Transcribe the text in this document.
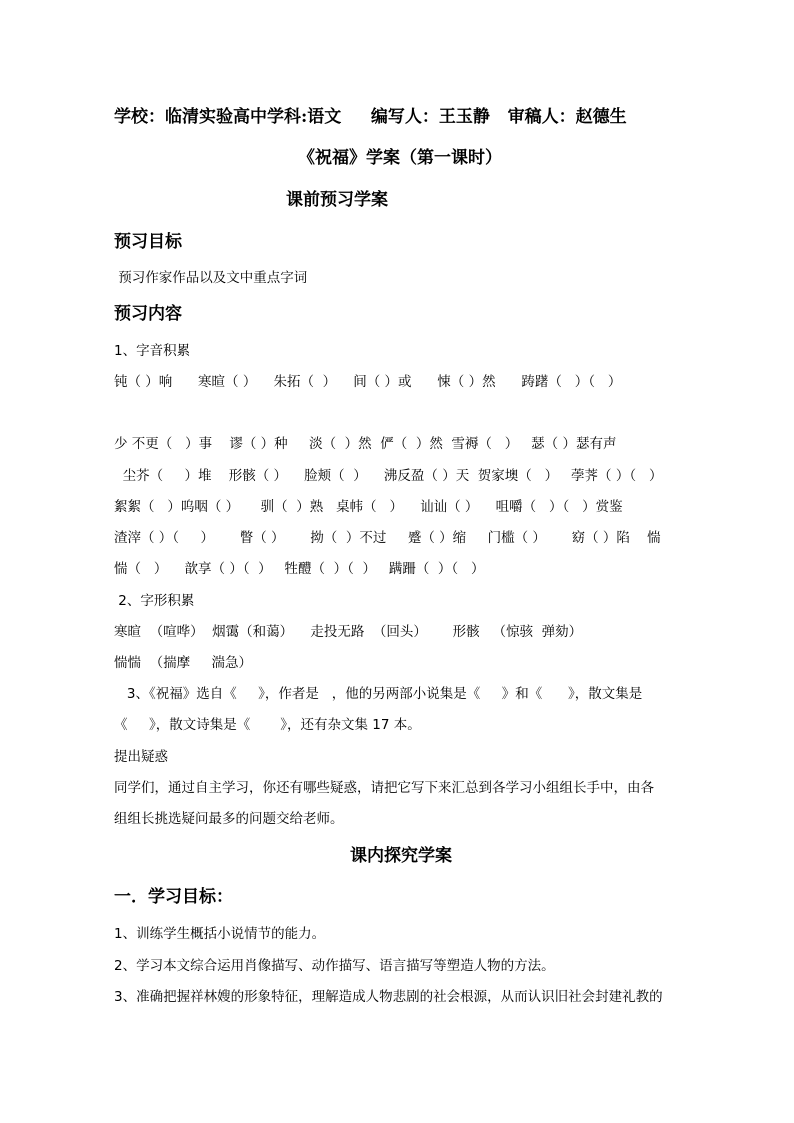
学校：临清实验高中学科:语文     编写人：王玉静   审稿人：赵德生
《祝福》学案（第一课时）
课前预习学案
预习目标
预习作家作品以及文中重点字词
预习内容
1、字音积累
钝（ ）响      寒暄（ ）    朱拓（  ）    间（ ）或      悚（ ）然      踌躇（   ）（   ）
少 不更（   ）事    谬（ ）种     淡（  ）然  俨（  ）然  雪褥（   ）   瑟（ ）瑟有声
尘芥（     ）堆    形骸（ ）    脸颊（  ）    沸反盈（ ）天  贺家墺（   ）   荸荠（ ）（   ）
絮絮（   ）呜咽（ ）     驯（  ）熟   桌帏（   ）    讪讪（ ）    咀嚼（   ）（   ）赏鉴
渣滓（ ）（     ）      瞥（ ）      拗（  ）不过     蹙（ ）缩     门槛（ ）      窈（ ）陷    惴
惴（   ）    歆享（ ）（  ）   牲醴（  ）（  ）   蹒跚（  ）（   ）
2、字形积累
寒暄  （喧哗）  烟霭（和蔼）    走投无路  （回头）      形骸   （惊骇  弹劾）
惴惴  （揣摩     湍急）
3、《祝福》选自《     》，作者是   ，他的另两部小说集是《     》和《      》，散文集是
《     》，散文诗集是《       》，还有杂文集 17 本。
提出疑惑
同学们，通过自主学习，你还有哪些疑惑，请把它写下来汇总到各学习小组组长手中，由各
组组长挑选疑问最多的问题交给老师。
课内探究学案
一．学习目标：
1、训练学生概括小说情节的能力。
2、学习本文综合运用肖像描写、动作描写、语言描写等塑造人物的方法。
3、准确把握祥林嫂的形象特征，理解造成人物悲剧的社会根源，从而认识旧社会封建礼教的
